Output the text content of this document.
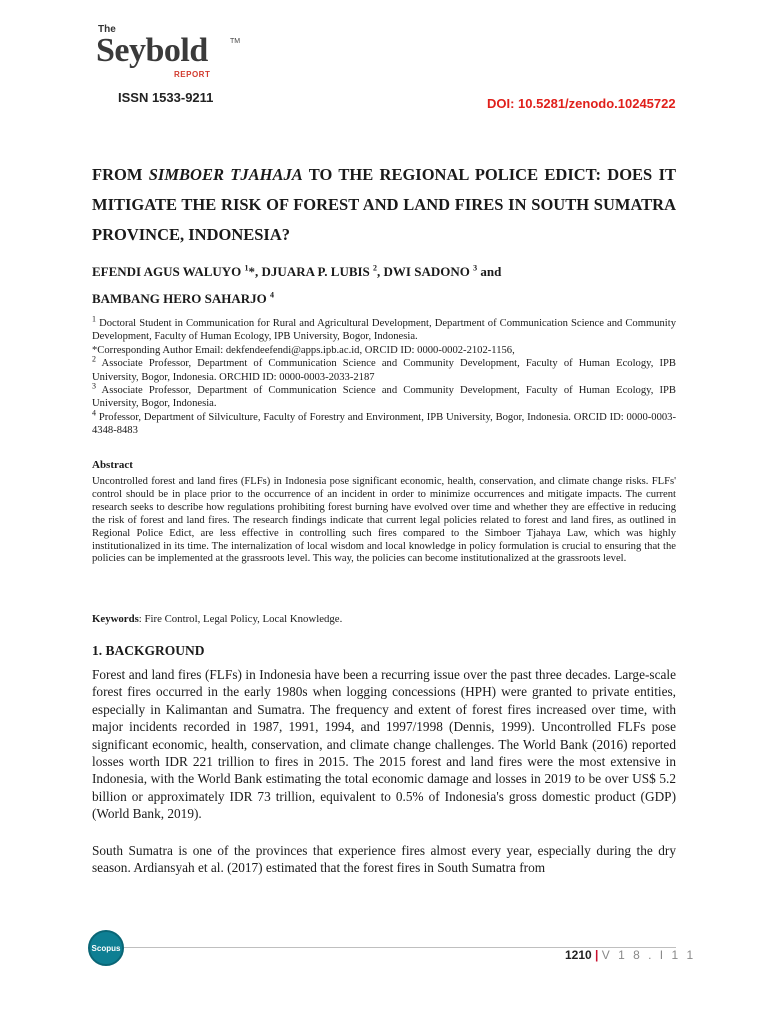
The
Seybold	TM
REPORT
ISSN 1533-9211	DOI: 10.5281/zenodo.10245722
FROM SIMBOER TJAHAJA TO THE REGIONAL POLICE EDICT: DOES IT MITIGATE THE RISK OF FOREST AND LAND FIRES IN SOUTH SUMATRA PROVINCE, INDONESIA?
EFENDI AGUS WALUYO $^1$*, DJUARA P. LUBIS $^2$, DWI SADONO $^3$ and
BAMBANG HERO SAHARJO $^4$

$^1$ Doctoral Student in Communication for Rural and Agricultural Development, Department of Communication Science and Community Development, Faculty of Human Ecology, IPB University, Bogor, Indonesia.

*Corresponding Author Email: dekfendeefendi@apps.ipb.ac.id, ORCID ID: 0000-0002-2102-1156,

$^2$ Associate Professor, Department of Communication Science and Community Development, Faculty of Human Ecology, IPB University, Bogor, Indonesia. ORCHID ID: 0000-0003-2033-2187

$^3$ Associate Professor, Department of Communication Science and Community Development, Faculty of Human Ecology, IPB University, Bogor, Indonesia.

$^4$ Professor, Department of Silviculture, Faculty of Forestry and Environment, IPB University, Bogor, Indonesia. ORCID ID: 0000-0003-4348-8483

Abstract

Uncontrolled forest and land fires (FLFs) in Indonesia pose significant economic, health, conservation, and climate change risks. FLFs' control should be in place prior to the occurrence of an incident in order to minimize occurrences and mitigate impacts. The current research seeks to describe how regulations prohibiting forest burning have evolved over time and whether they are effective in reducing the risk of forest and land fires. The research findings indicate that current legal policies related to forest and land fires, as outlined in Regional Police Edict, are less effective in controlling such fires compared to the Simboer Tjahaya Law, which was highly institutionalized in its time. The internalization of local wisdom and local knowledge in policy formulation is crucial to ensuring that the policies can be implemented at the grassroots level. This way, the policies can become institutionalized at the grassroots level.

Keywords: Fire Control, Legal Policy, Local Knowledge.
1. BACKGROUND

Forest and land fires (FLFs) in Indonesia have been a recurring issue over the past three decades. Large-scale forest fires occurred in the early 1980s when logging concessions (HPH) were granted to private entities, especially in Kalimantan and Sumatra. The frequency and extent of forest fires increased over time, with major incidents recorded in 1987, 1991, 1994, and 1997/1998 (Dennis, 1999). Uncontrolled FLFs pose significant economic, health, conservation, and climate change challenges. The World Bank (2016) reported losses worth IDR 221 trillion to fires in 2015. The 2015 forest and land fires were the most extensive in Indonesia, with the World Bank estimating the total economic damage and losses in 2019 to be over US$ 5.2 billion or approximately IDR 73 trillion, equivalent to 0.5% of Indonesia's gross domestic product (GDP) (World Bank, 2019).

South Sumatra is one of the provinces that experience fires almost every year, especially during the dry season. Ardiansyah et al. (2017) estimated that the forest fires in South Sumatra from

Scopus	1210 | V 1 8 . I 1 1
